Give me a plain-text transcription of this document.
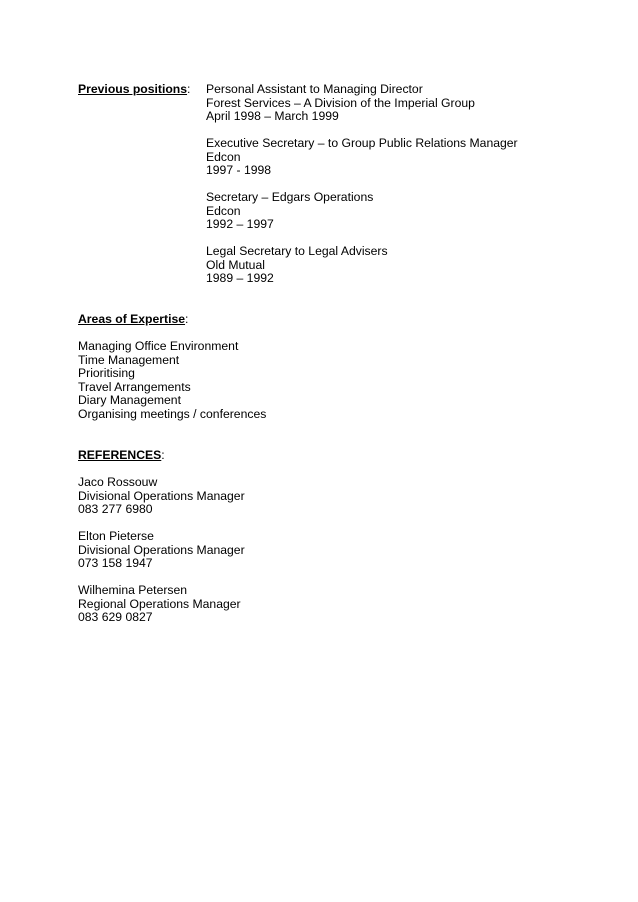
Previous positions: Personal Assistant to Managing Director
Forest Services – A Division of the Imperial Group
April 1998 – March 1999
Executive Secretary – to Group Public Relations Manager
Edcon
1997 - 1998
Secretary – Edgars Operations
Edcon
1992 – 1997
Legal Secretary to Legal Advisers
Old Mutual
1989 – 1992
Areas of Expertise:
Managing Office Environment
Time Management
Prioritising
Travel Arrangements
Diary Management
Organising meetings / conferences
REFERENCES:
Jaco Rossouw
Divisional Operations Manager
083 277 6980
Elton Pieterse
Divisional Operations Manager
073 158 1947
Wilhemina Petersen
Regional Operations Manager
083 629 0827
